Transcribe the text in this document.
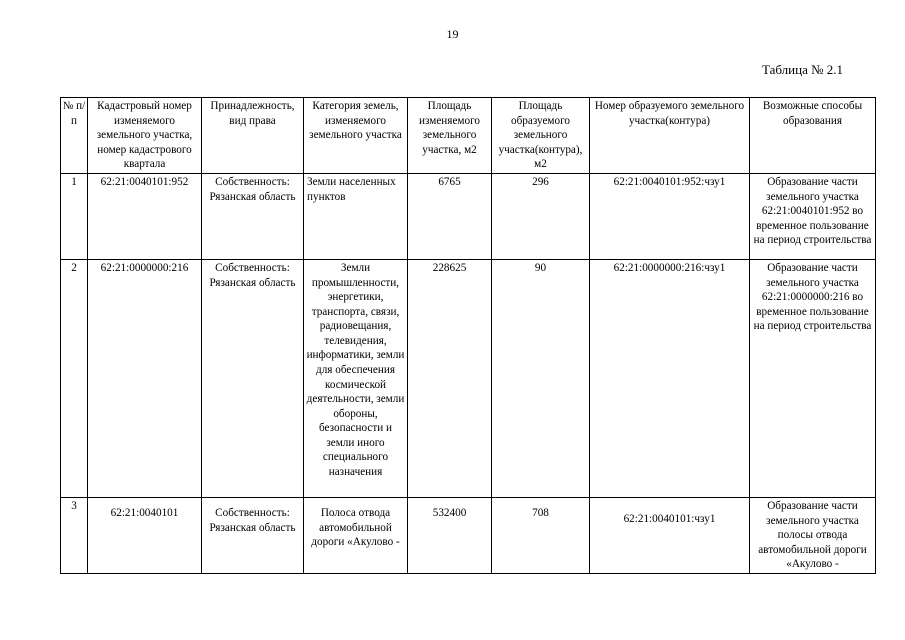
19
Таблица № 2.1
№ п/п	Кадастровый номер изменяемого земельного участка, номер кадастрового квартала	Принадлежность, вид права	Категория земель, изменяемого земельного участка	Площадь изменяемого земельного участка, м2	Площадь образуемого земельного участка(контура), м2	Номер образуемого земельного участка(контура)	Возможные способы образования
1	62:21:0040101:952	Собственность: Рязанская область	Земли населенных пунктов	6765	296	62:21:0040101:952:чзу1	Образование части земельного участка 62:21:0040101:952 во временное пользование на период строительства
2	62:21:0000000:216	Собственность: Рязанская область	Земли промышленности, энергетики, транспорта, связи, радиовещания, телевидения, информатики, земли для обеспечения космической деятельности, земли обороны, безопасности и земли иного специального назначения	228625	90	62:21:0000000:216:чзу1	Образование части земельного участка 62:21:0000000:216 во временное пользование на период строительства
3	62:21:0040101	Собственность: Рязанская область	Полоса отвода автомобильной дороги «Акулово -	532400	708	62:21:0040101:чзу1	Образование части земельного участка полосы отвода автомобильной дороги «Акулово -
